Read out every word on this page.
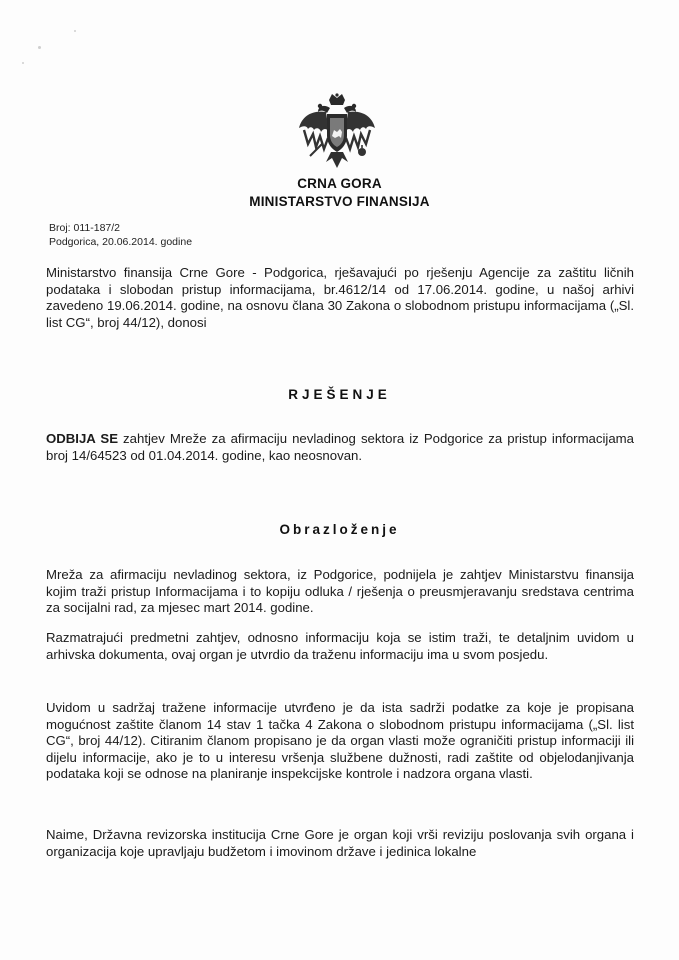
CRNA GORA
MINISTARSTVO FINANSIJA
Broj: 011-187/2
Podgorica, 20.06.2014. godine
Ministarstvo finansija Crne Gore - Podgorica, rješavajući po rješenju Agencije za zaštitu ličnih podataka i slobodan pristup informacijama, br.4612/14 od 17.06.2014. godine, u našoj arhivi zavedeno 19.06.2014. godine, na osnovu člana 30 Zakona o slobodnom pristupu informacijama („Sl. list CG“, broj 44/12), donosi
RJEŠENJE
ODBIJA SE zahtjev Mreže za afirmaciju nevladinog sektora iz Podgorice za pristup informacijama broj 14/64523 od 01.04.2014. godine, kao neosnovan.
Obrazloženje
Mreža za afirmaciju nevladinog sektora, iz Podgorice, podnijela je zahtjev Ministarstvu finansija kojim traži pristup Informacijama i to kopiju odluka / rješenja o preusmjeravanju sredstava centrima za socijalni rad, za mjesec mart 2014. godine.
Razmatrajući predmetni zahtjev, odnosno informaciju koja se istim traži, te detaljnim uvidom u arhivska dokumenta, ovaj organ je utvrdio da traženu informaciju ima u svom posjedu.
Uvidom u sadržaj tražene informacije utvrđeno je da ista sadrži podatke za koje je propisana mogućnost zaštite članom 14 stav 1 tačka 4 Zakona o slobodnom pristupu informacijama („Sl. list CG“, broj 44/12). Citiranim članom propisano je da organ vlasti može ograničiti pristup informaciji ili dijelu informacije, ako je to u interesu vršenja službene dužnosti, radi zaštite od objelodanjivanja podataka koji se odnose na planiranje inspekcijske kontrole i nadzora organa vlasti.
Naime, Državna revizorska institucija Crne Gore je organ koji vrši reviziju poslovanja svih organa i organizacija koje upravljaju budžetom i imovinom države i jedinica lokalne
